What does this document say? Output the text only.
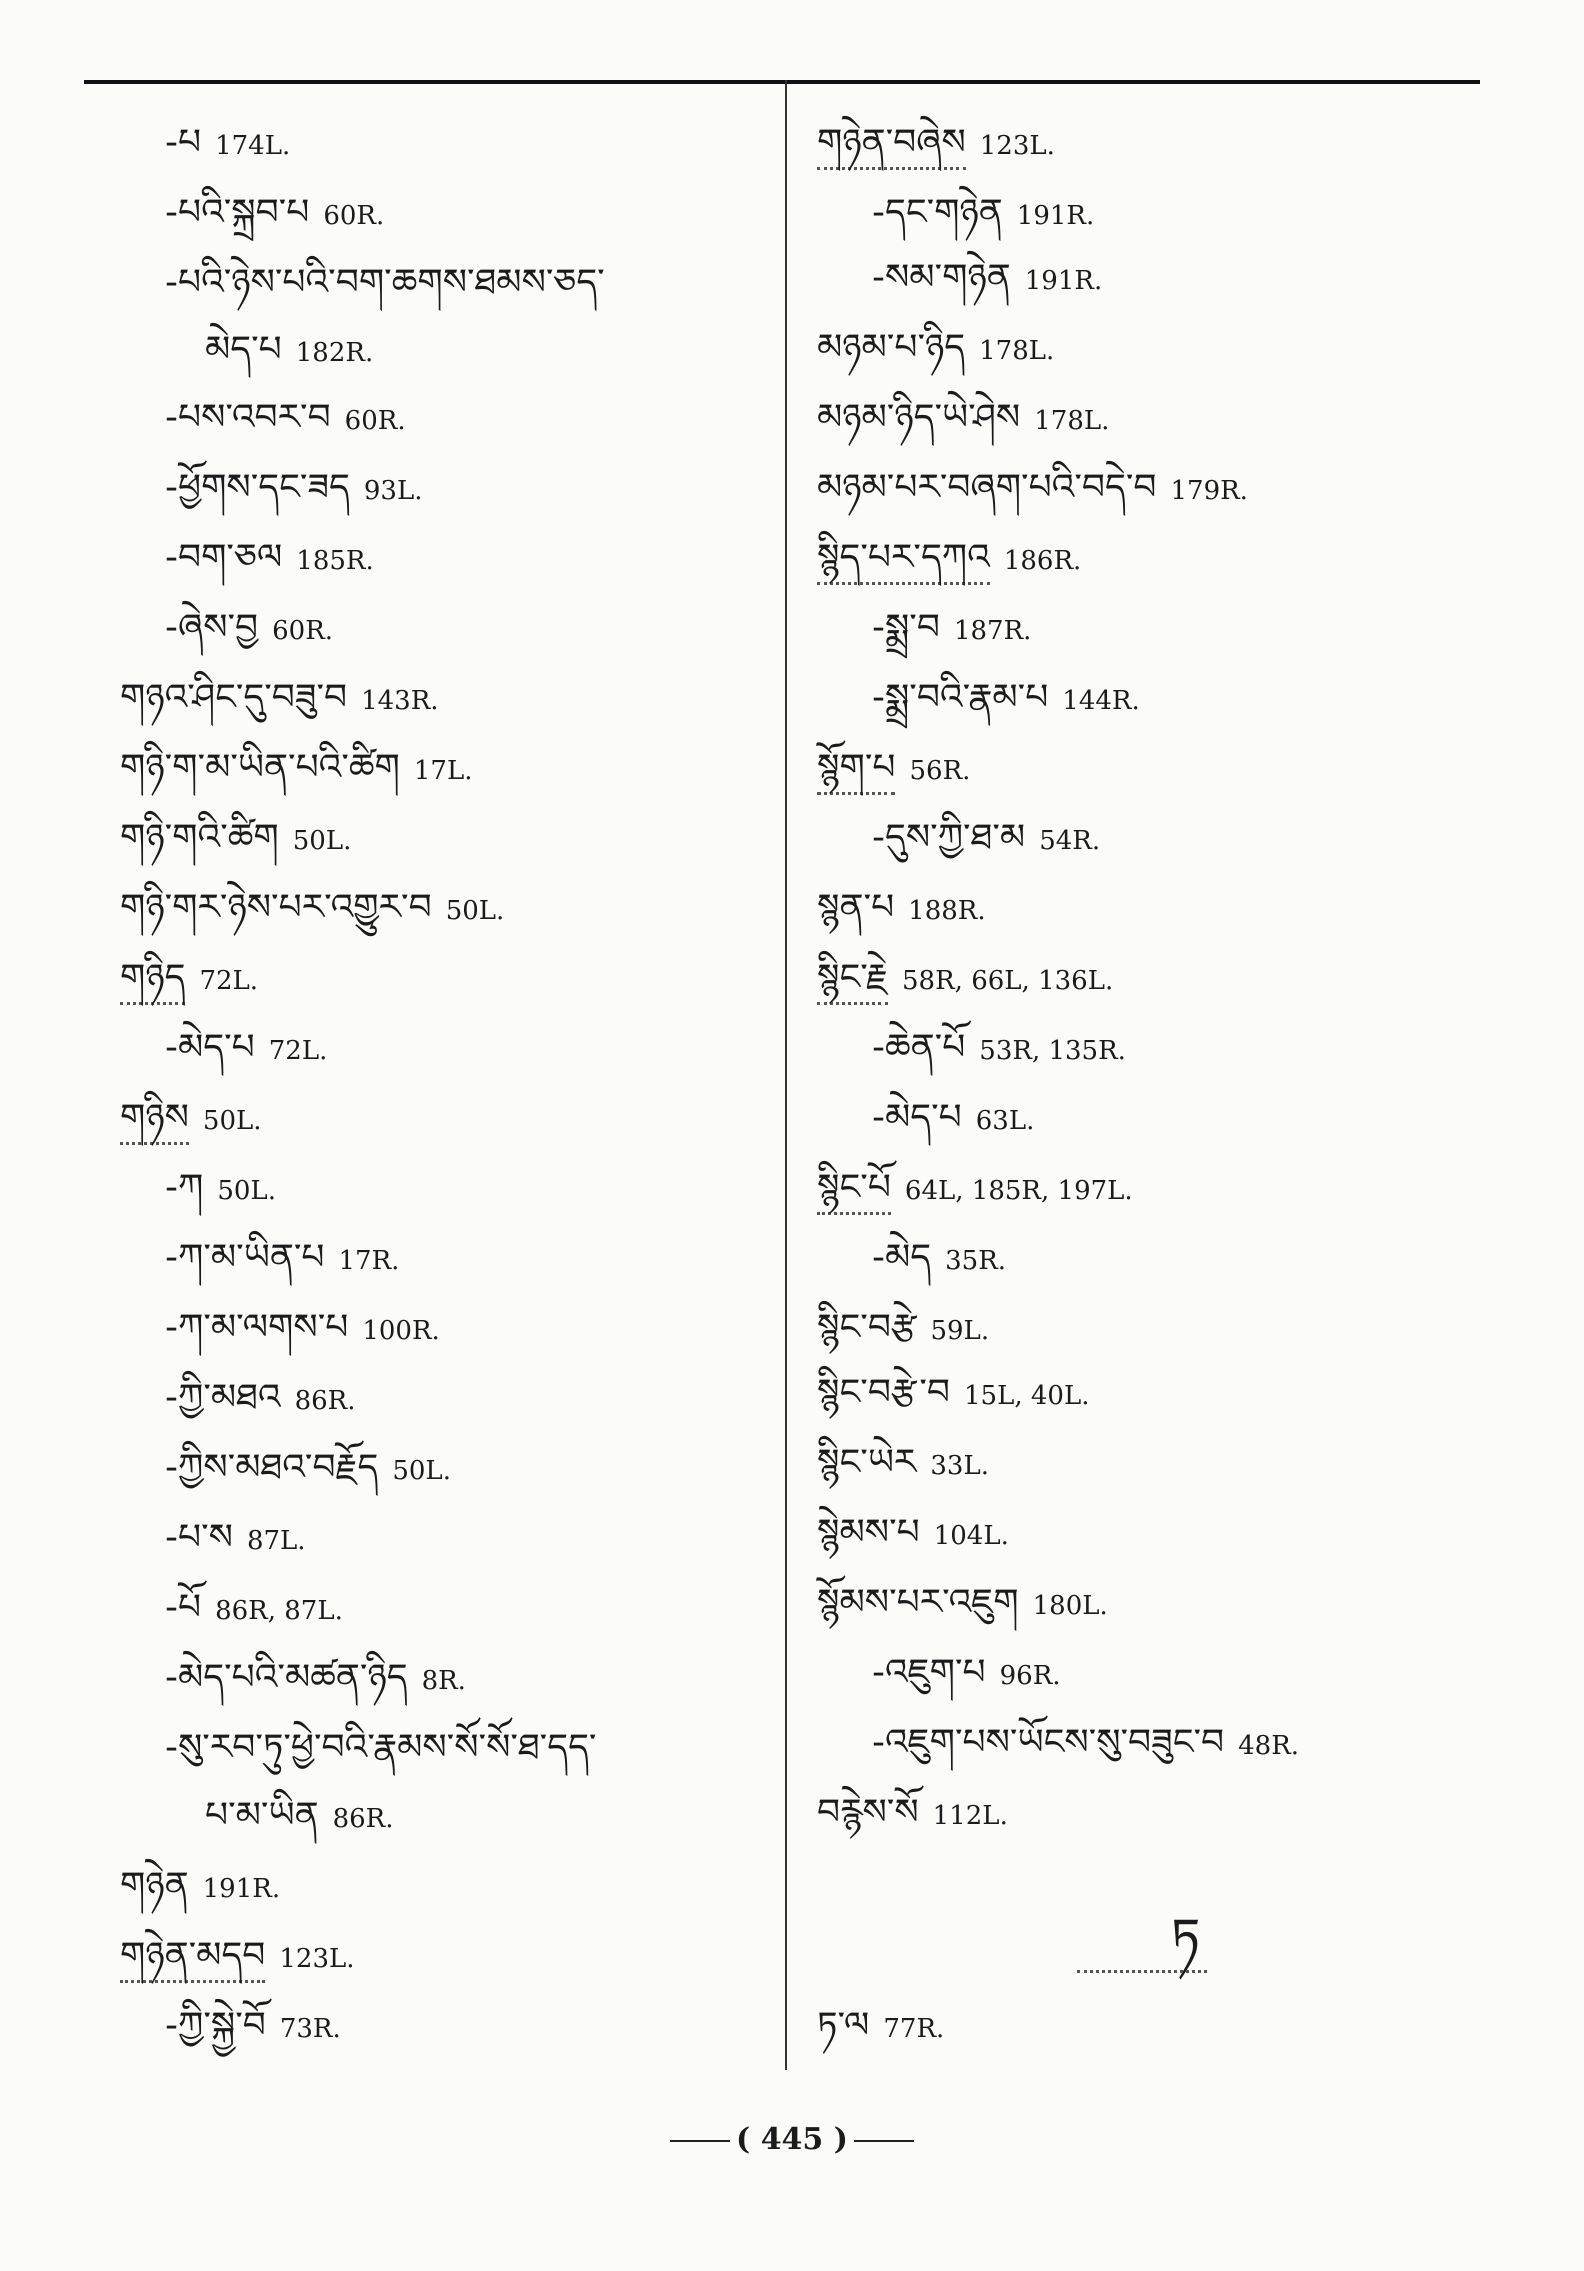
-པ 174L.
-པའི་སྐྲབ་པ 60R.
-པའི་ཉེས་པའི་བག་ཆགས་ཐམས་ཅད་
མེད་པ 182R.
-པས་འབར་བ 60R.
-ཕྱོགས་དང་ཟད 93L.
-བག་ཅལ 185R.
-ཞེས་བྱ 60R.
གཉའ་ཤིང་དུ་བཟུ་བ 143R.
གཉི་ག་མ་ཡིན་པའི་ཚིག 17L.
གཉི་གའི་ཚིག 50L.
གཉི་གར་ཉེས་པར་འགྱུར་བ 50L.
གཉིད 72L.
-མེད་པ 72L.
གཉིས 50L.
-ཀ 50L.
-ཀ་མ་ཡིན་པ 17R.
-ཀ་མ་ལགས་པ 100R.
-ཀྱི་མཐའ 86R.
-ཀྱིས་མཐའ་བརྗོད 50L.
-པ་ས 87L.
-པོ 86R, 87L.
-མེད་པའི་མཚན་ཉིད 8R.
-སུ་རབ་ཏུ་ཕྱེ་བའི་རྣམས་སོ་སོ་ཐ་དད་
པ་མ་ཡིན 86R.
གཉེན 191R.
གཉེན་མདབ 123L.
-ཀྱི་སྐྱེ་བོ 73R.
གཉེན་བཞེས 123L.
-དང་གཉེན 191R.
-སམ་གཉེན 191R.
མཉམ་པ་ཉིད 178L.
མཉམ་ཉིད་ཡེ་ཤེས 178L.
མཉམ་པར་བཞག་པའི་བདེ་བ 179R.
སྙིད་པར་དཀའ 186R.
-སྨྲ་བ 187R.
-སྨྲ་བའི་རྣམ་པ 144R.
སྙོག་པ 56R.
-དུས་ཀྱི་ཐ་མ 54R.
སྙན་པ 188R.
སྙིང་རྗེ 58R, 66L, 136L.
-ཆེན་པོ 53R, 135R.
-མེད་པ 63L.
སྙིང་པོ 64L, 185R, 197L.
-མེད 35R.
སྙིང་བརྩེ 59L.
སྙིང་བརྩེ་བ 15L, 40L.
སྙིང་ཡེར 33L.
སྙེམས་པ 104L.
སྙོམས་པར་འཇུག 180L.
-འཇུག་པ 96R.
-འཇུག་པས་ཡོངས་སུ་བཟུང་བ 48R.
བརྙེས་སོ 112L.
ཏ
ཏ་ལ 77R.
( 445 )
